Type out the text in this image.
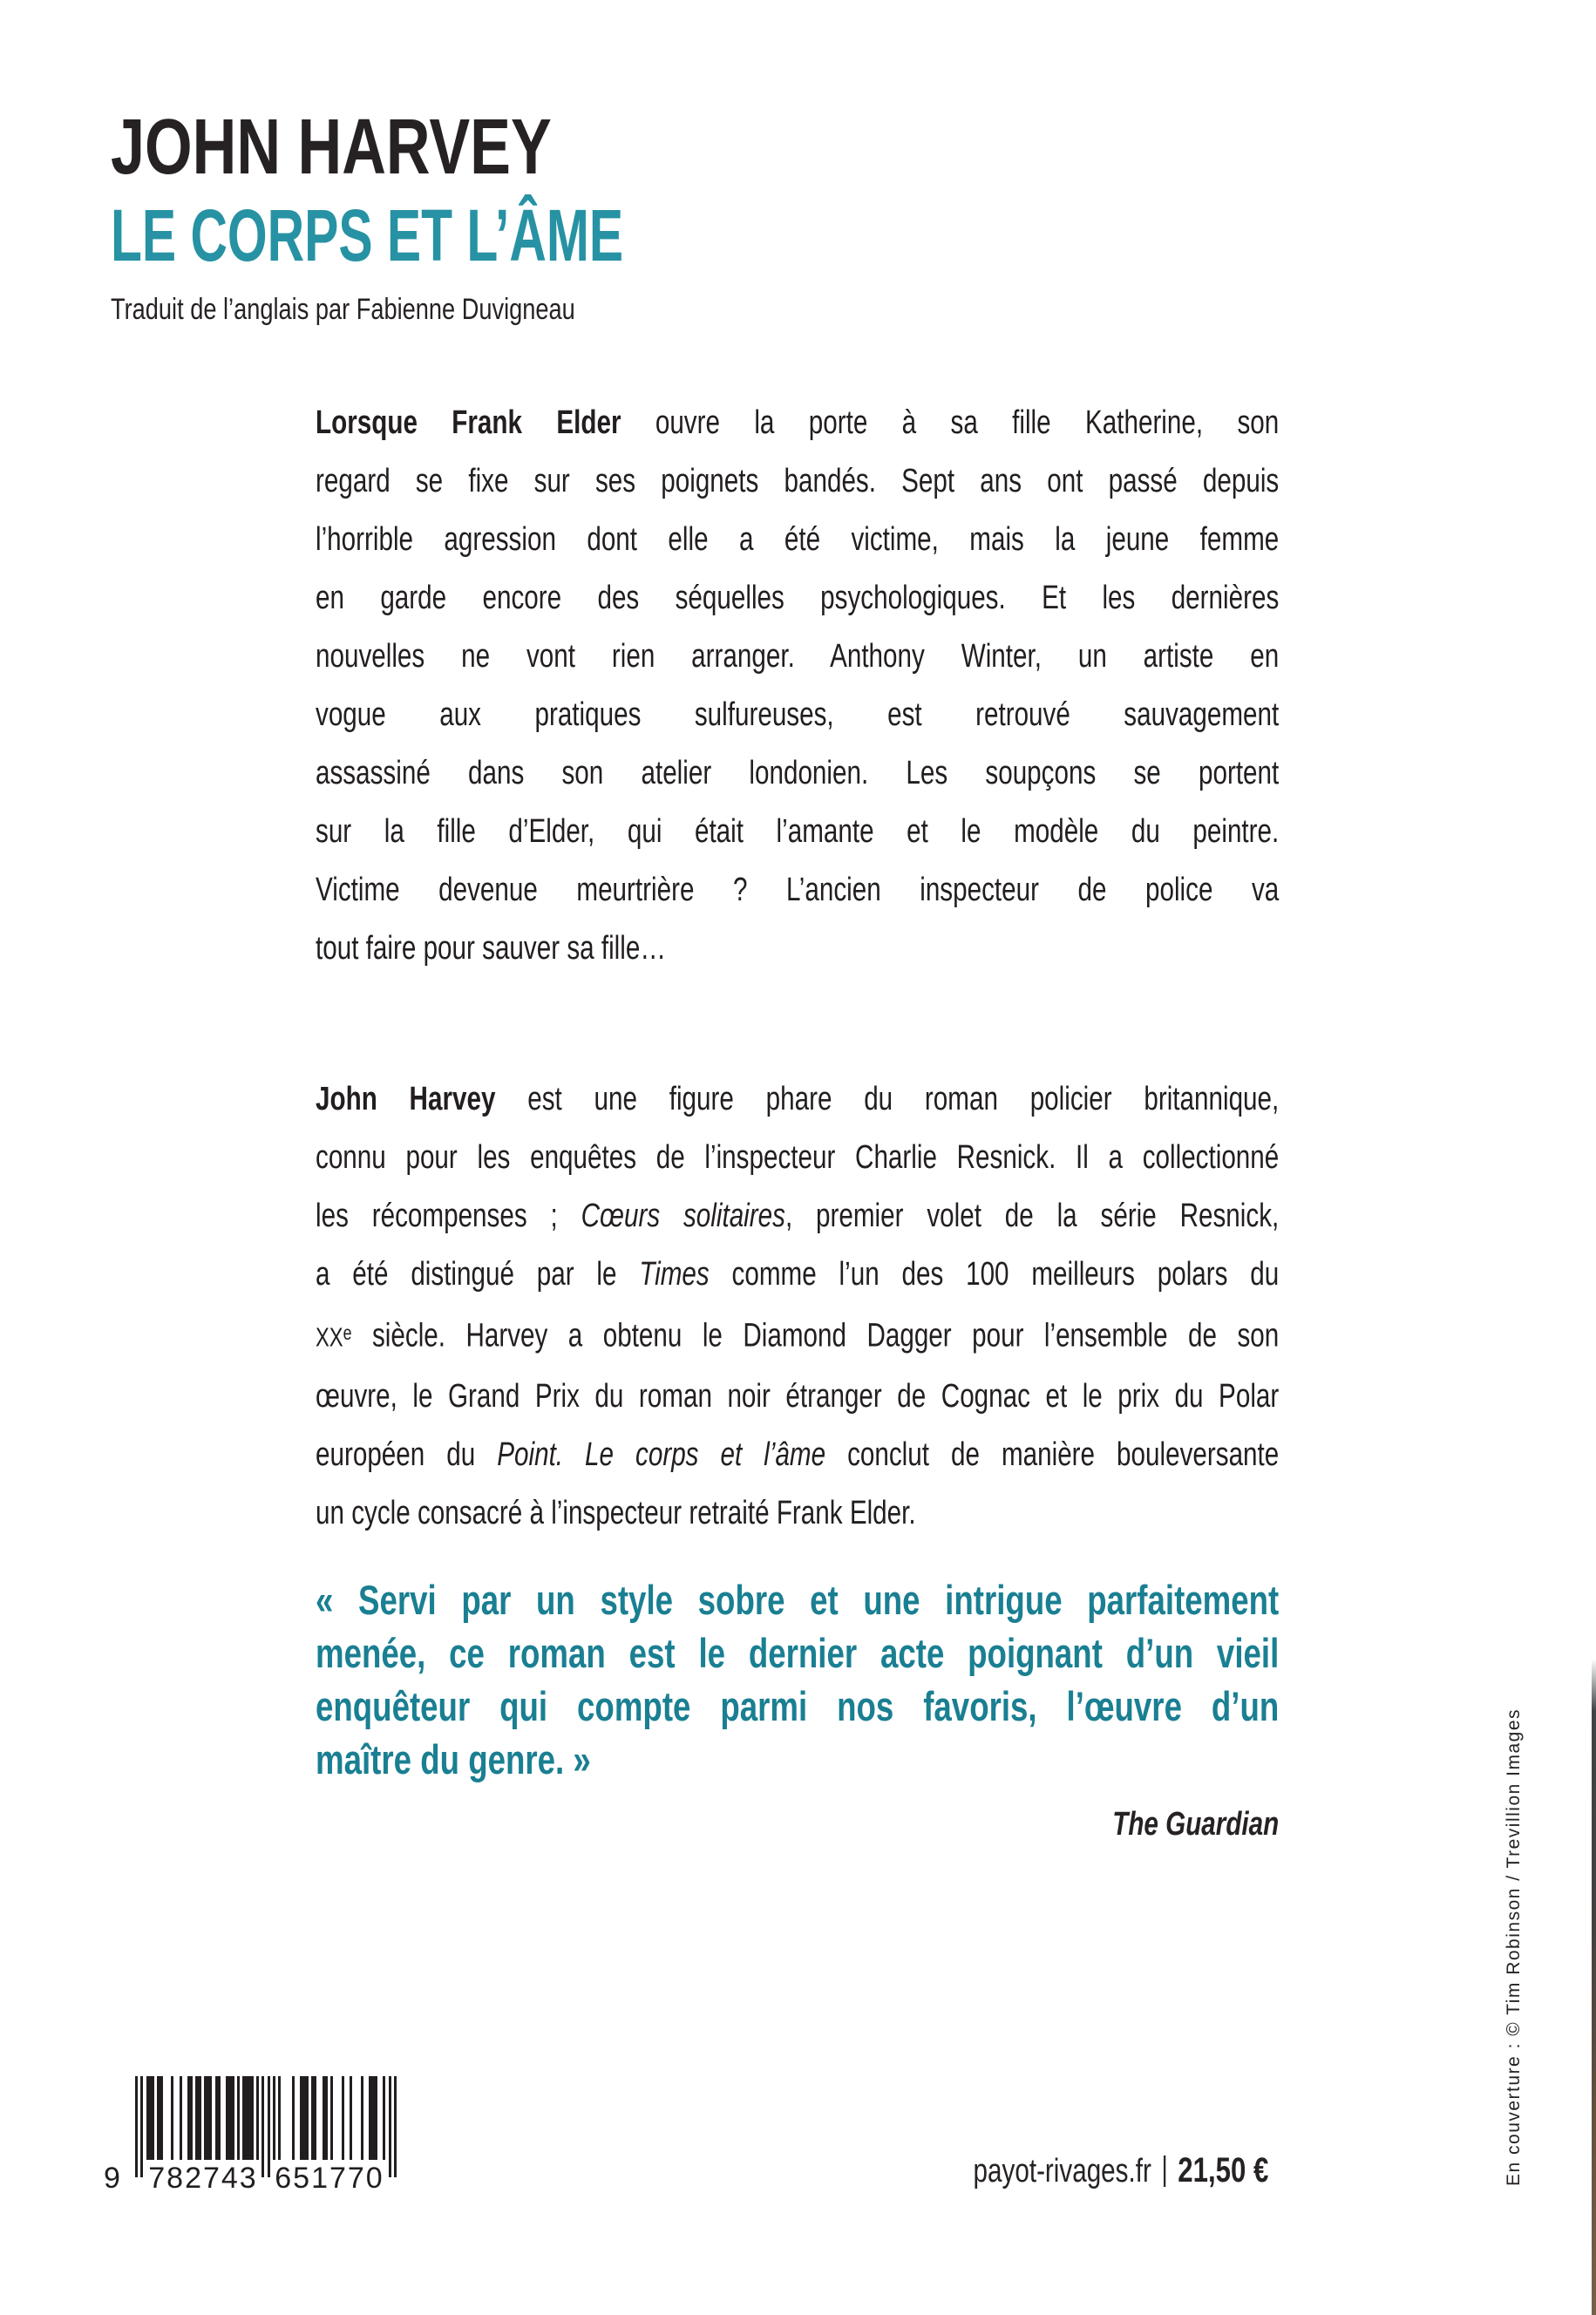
JOHN HARVEY
LE CORPS ET L’ÂME
Traduit de l’anglais par Fabienne Duvigneau
Lorsque Frank Elder ouvre la porte à sa fille Katherine, son
regard se fixe sur ses poignets bandés. Sept ans ont passé depuis
l’horrible agression dont elle a été victime, mais la jeune femme
en garde encore des séquelles psychologiques. Et les dernières
nouvelles ne vont rien arranger. Anthony Winter, un artiste en
vogue aux pratiques sulfureuses, est retrouvé sauvagement
assassiné dans son atelier londonien. Les soupçons se portent
sur la fille d’Elder, qui était l’amante et le modèle du peintre.
Victime devenue meurtrière ? L’ancien inspecteur de police va
tout faire pour sauver sa fille…
John Harvey est une figure phare du roman policier britannique,
connu pour les enquêtes de l’inspecteur Charlie Resnick. Il a collectionné
les récompenses ; Cœurs solitaires, premier volet de la série Resnick,
a été distingué par le Times comme l’un des 100 meilleurs polars du
XXe siècle. Harvey a obtenu le Diamond Dagger pour l’ensemble de son
œuvre, le Grand Prix du roman noir étranger de Cognac et le prix du Polar
européen du Point. Le corps et l’âme conclut de manière bouleversante
un cycle consacré à l’inspecteur retraité Frank Elder.
« Servi par un style sobre et une intrigue parfaitement
menée, ce roman est le dernier acte poignant d’un vieil
enquêteur qui compte parmi nos favoris, l’œuvre d’un
maître du genre. »
The Guardian
9 782743 651770	payot-rivages.fr 21,50 €	En couverture : © Tim Robinson / Trevillion Images
